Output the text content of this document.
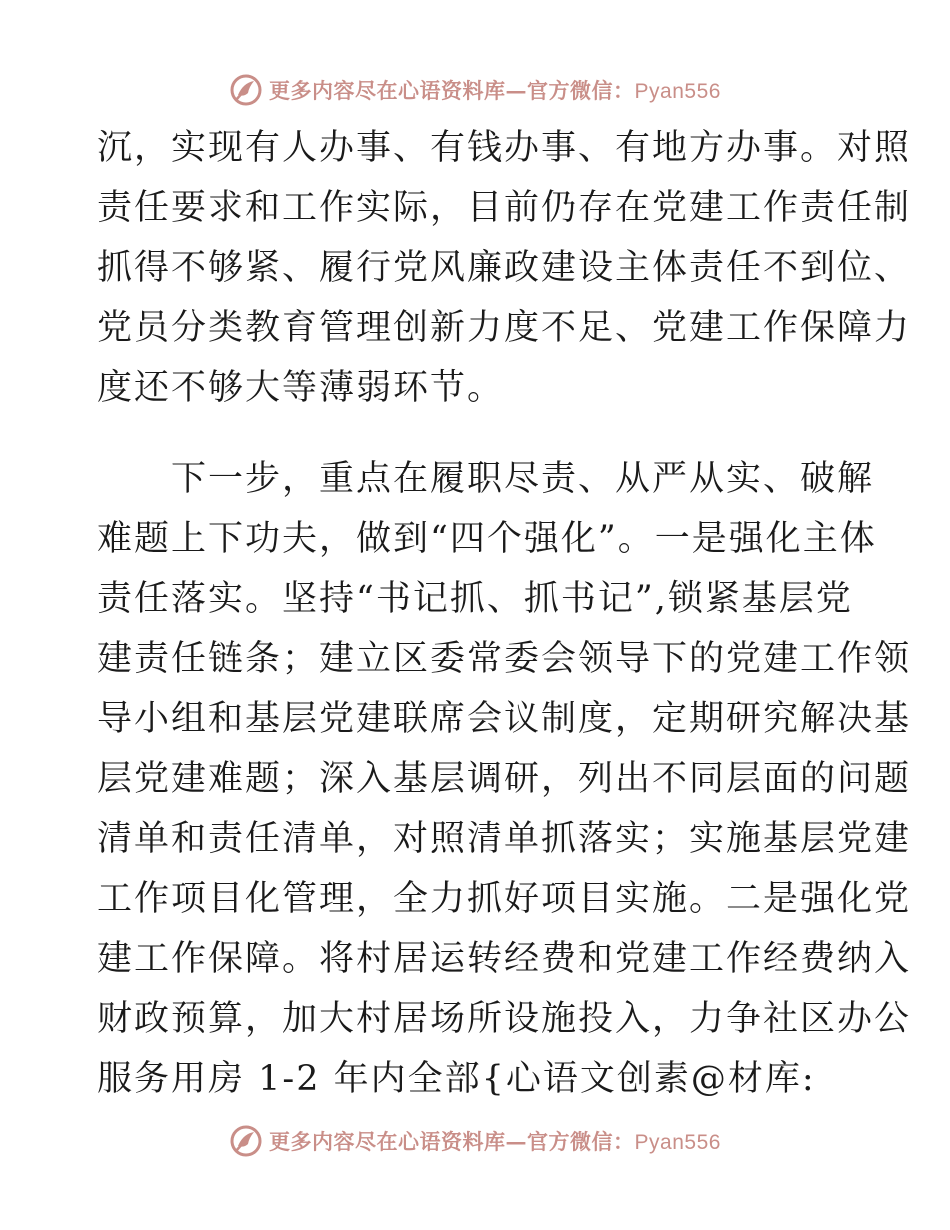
更多内容尽在心语资料库—官方微信：Pyan556
沉，实现有人办事、有钱办事、有地方办事。对照
责任要求和工作实际，目前仍存在党建工作责任制
抓得不够紧、履行党风廉政建设主体责任不到位、
党员分类教育管理创新力度不足、党建工作保障力
度还不够大等薄弱环节。
　　下一步，重点在履职尽责、从严从实、破解
难题上下功夫，做到“四个强化”。一是强化主体
责任落实。坚持“书记抓、抓书记”,锁紧基层党
建责任链条；建立区委常委会领导下的党建工作领
导小组和基层党建联席会议制度，定期研究解决基
层党建难题；深入基层调研，列出不同层面的问题
清单和责任清单，对照清单抓落实；实施基层党建
工作项目化管理，全力抓好项目实施。二是强化党
建工作保障。将村居运转经费和党建工作经费纳入
财政预算，加大村居场所设施投入，力争社区办公
服务用房 1-2 年内全部{心语文创素@材库:
更多内容尽在心语资料库—官方微信：Pyan556
